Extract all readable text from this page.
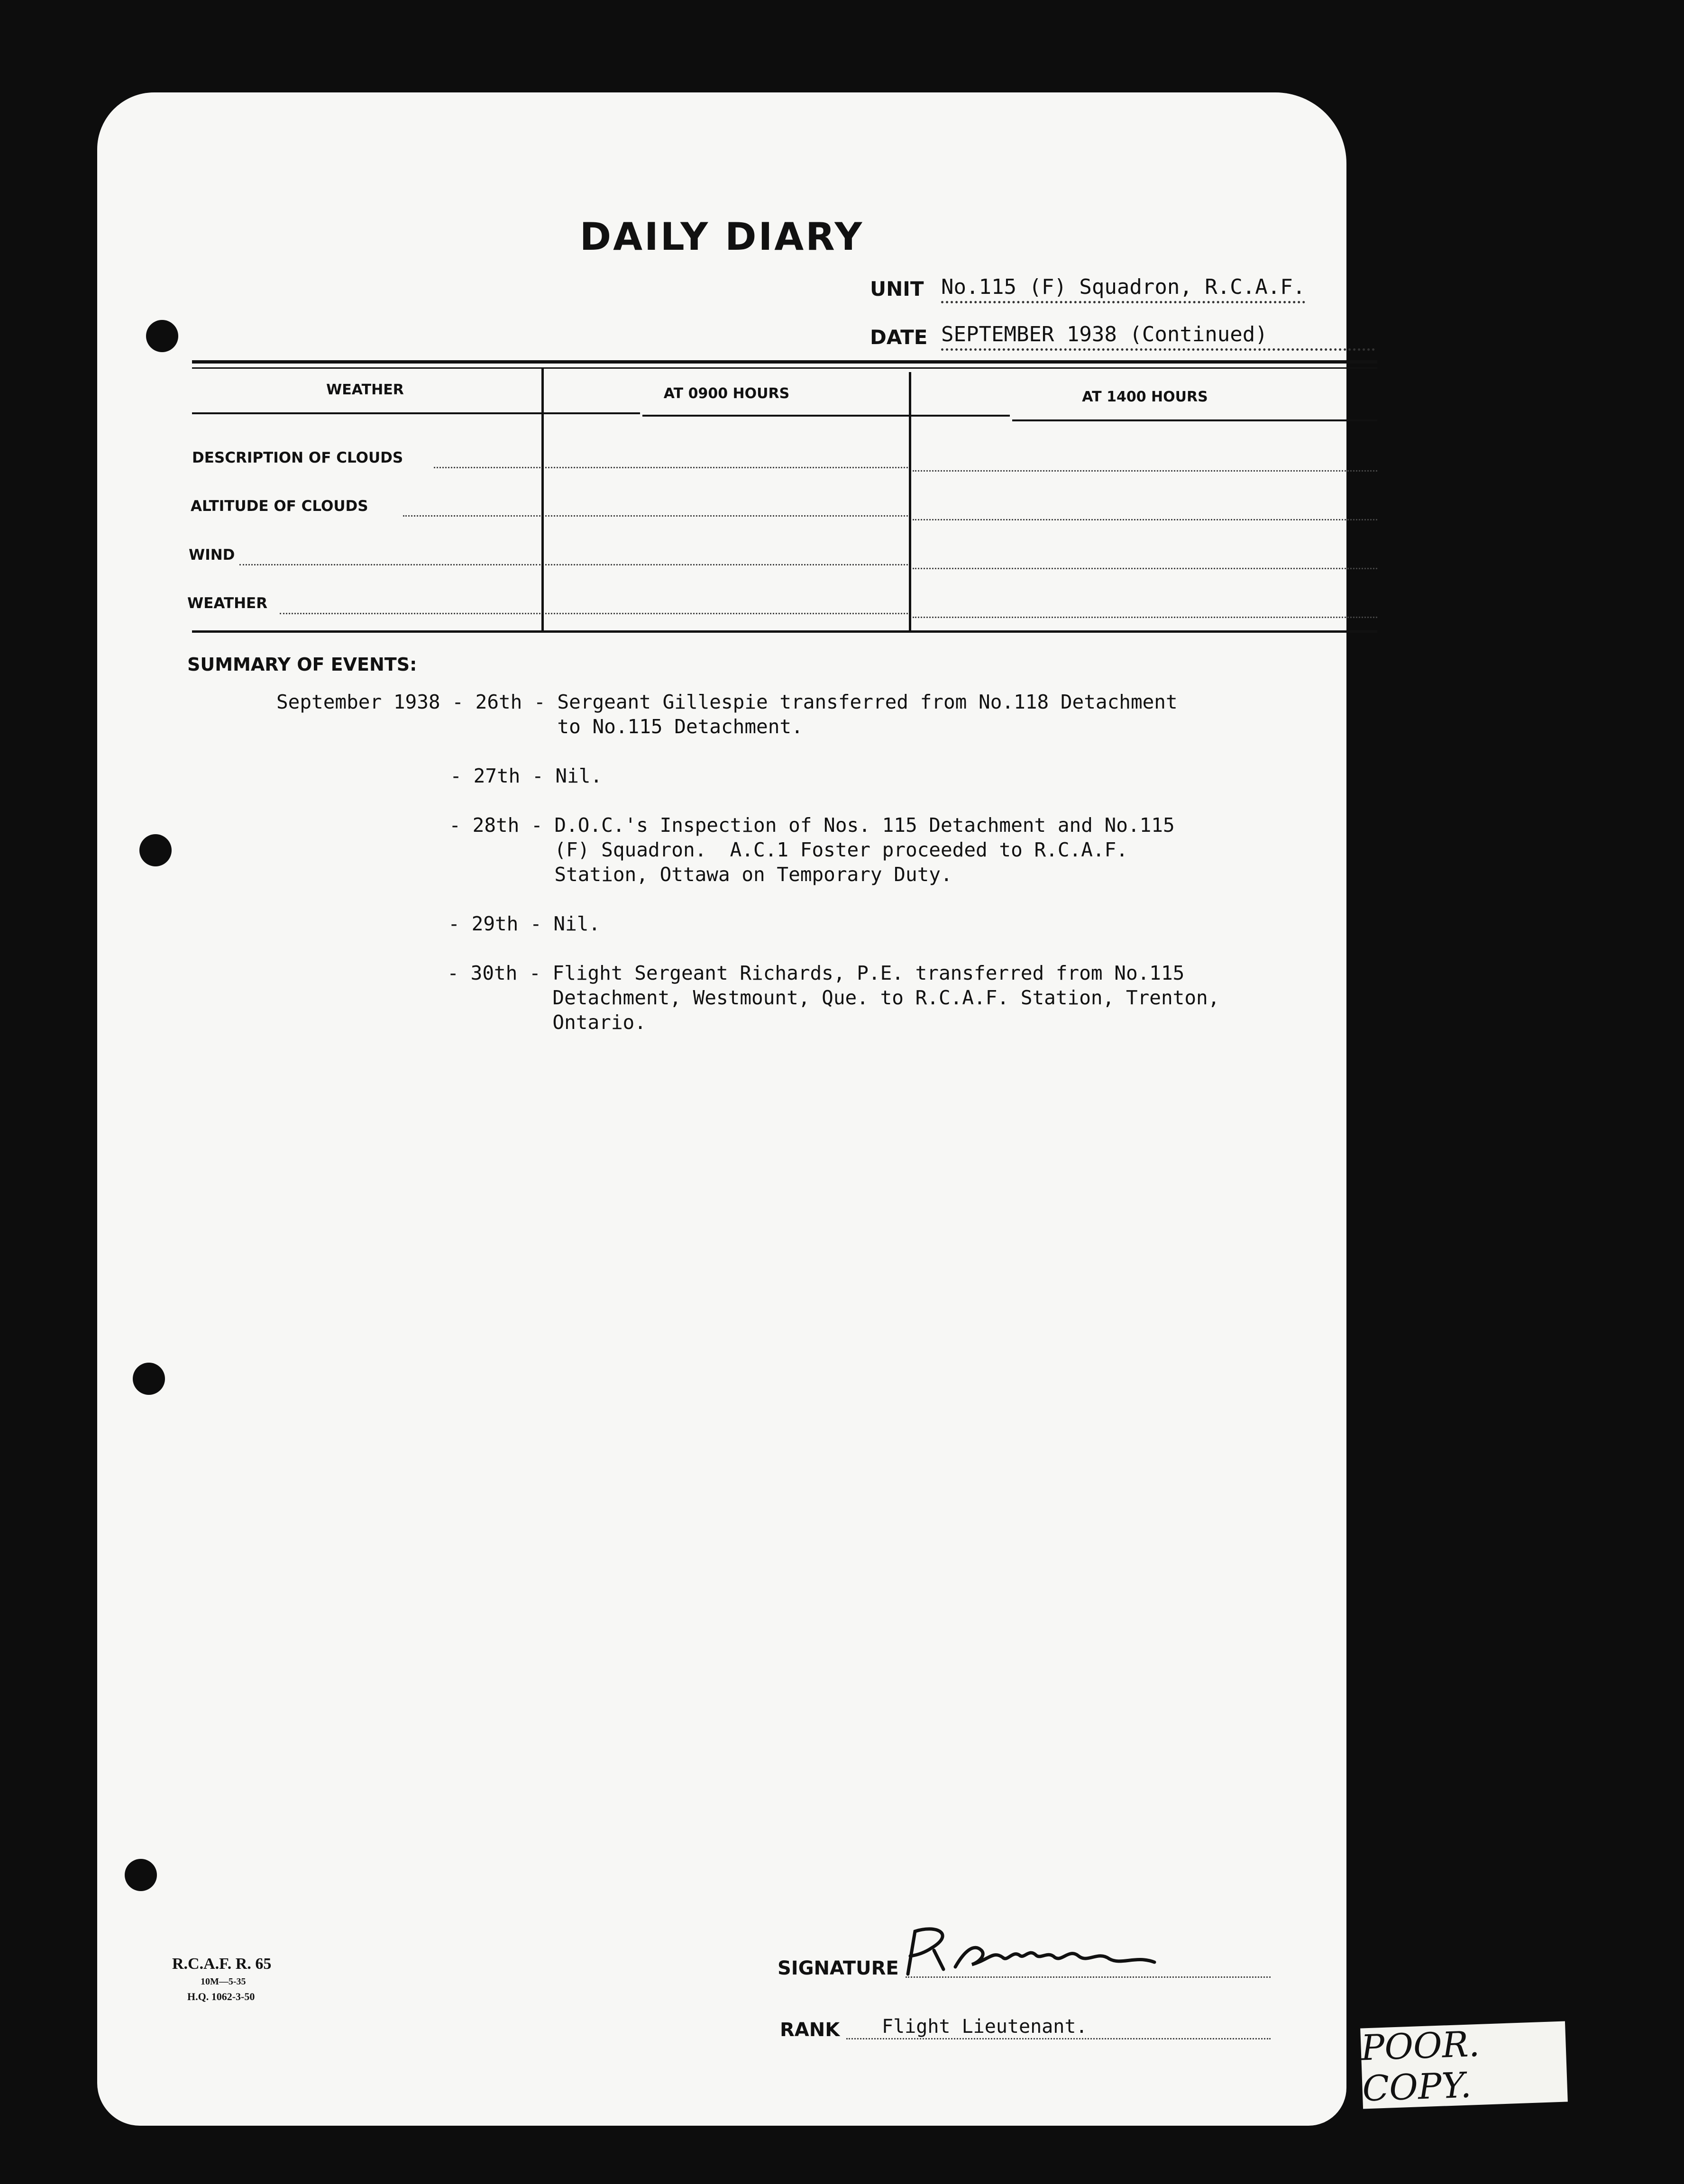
DAILY DIARY
UNIT No.115 (F) Squadron, R.C.A.F.
DATE SEPTEMBER 1938 (Continued)
WEATHER	AT 0900 HOURS	AT 1400 HOURS
DESCRIPTION OF CLOUDS
ALTITUDE OF CLOUDS
WIND
WEATHER
SUMMARY OF EVENTS:
September 1938 - 26th - Sergeant Gillespie transferred from No.118 Detachment
to No.115 Detachment.
- 27th - Nil.
- 28th - D.O.C.'s Inspection of Nos. 115 Detachment and No.115
(F) Squadron.  A.C.1 Foster proceeded to R.C.A.F.
Station, Ottawa on Temporary Duty.
- 29th - Nil.
- 30th - Flight Sergeant Richards, P.E. transferred from No.115
Detachment, Westmount, Que. to R.C.A.F. Station, Trenton,
Ontario.
R.C.A.F. R. 65
10M—5-35
H.Q. 1062-3-50
SIGNATURE
RANK Flight Lieutenant.	POOR. COPY.
